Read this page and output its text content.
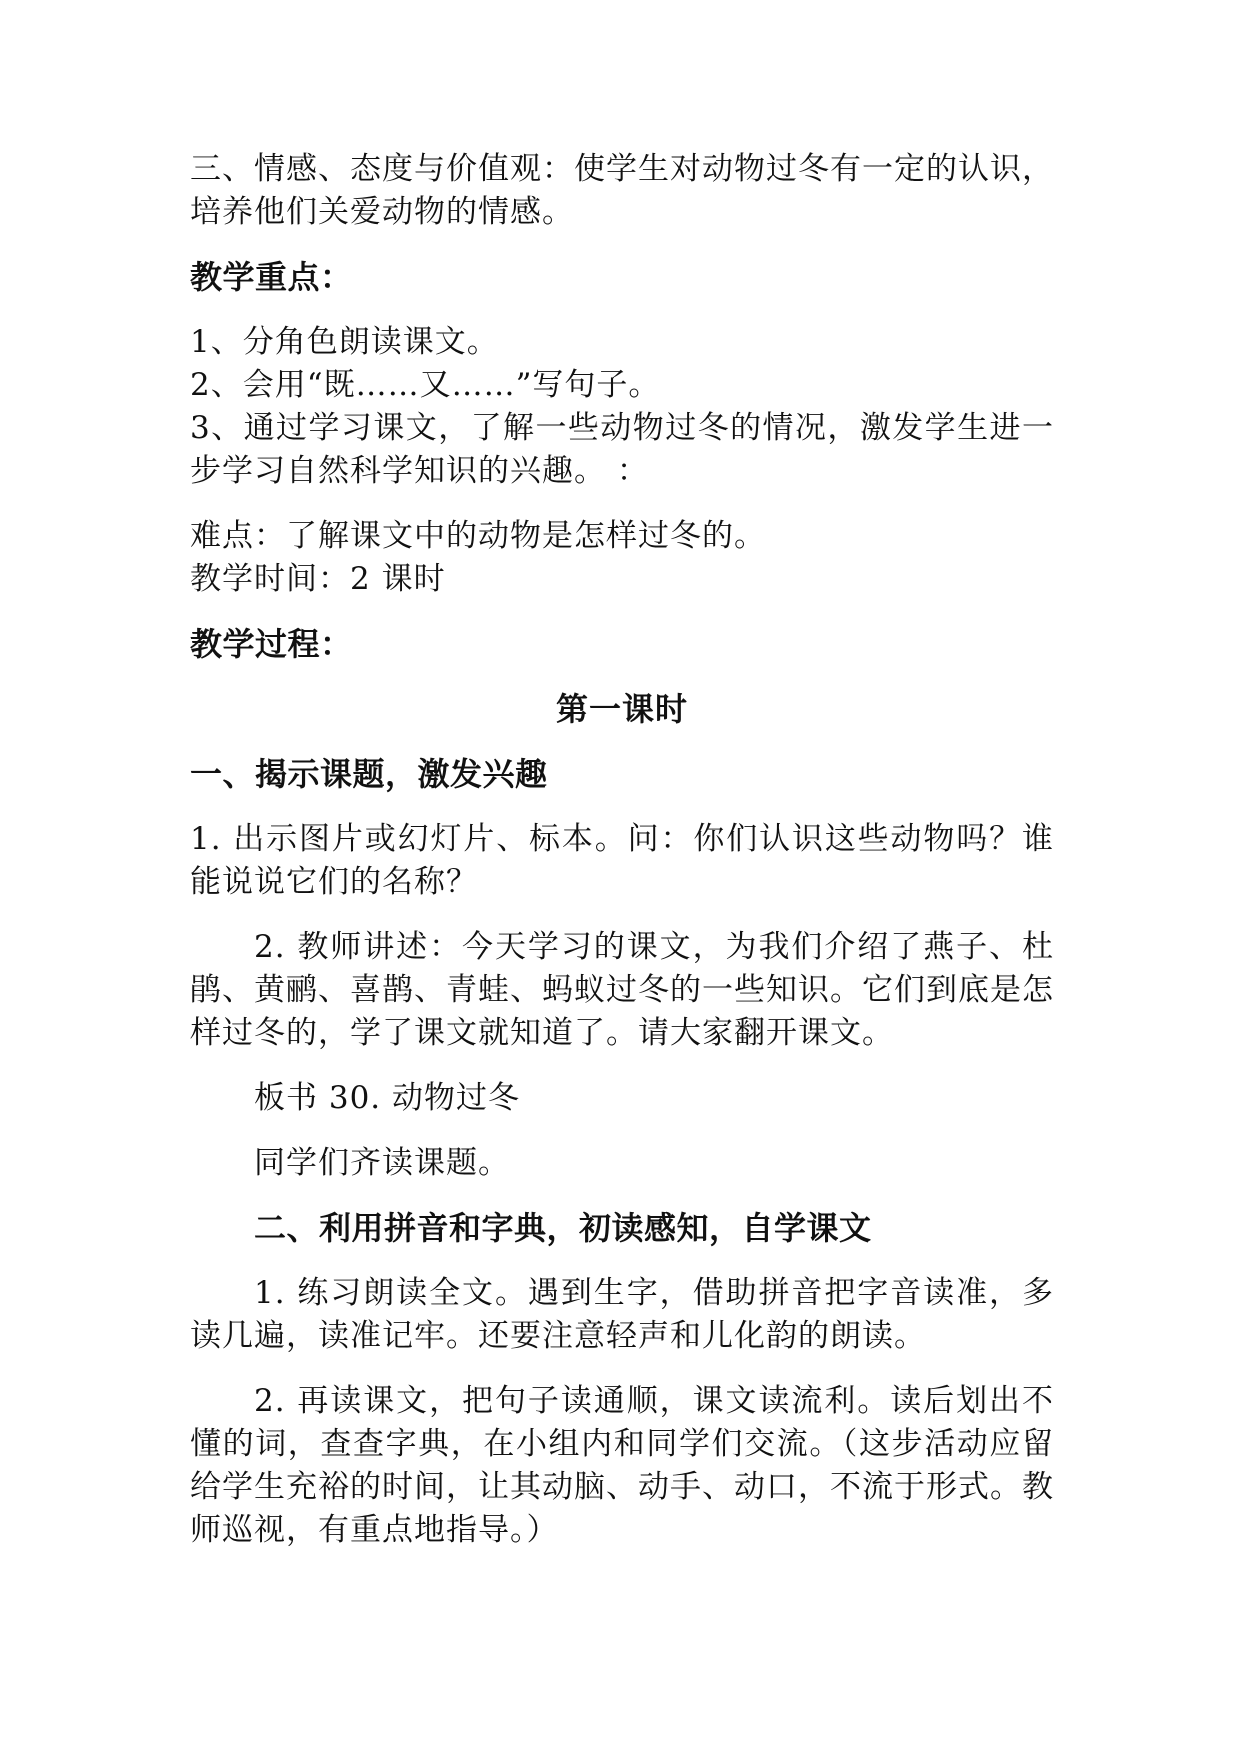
三、情感、态度与价值观：使学生对动物过冬有一定的认识，培养他们关爱动物的情感。

教学重点：

1、分角色朗读课文。

2、会用“既……又……”写句子。

3、通过学习课文，了解一些动物过冬的情况，激发学生进一步学习自然科学知识的兴趣。 ：

难点：了解课文中的动物是怎样过冬的。

教学时间：2 课时

教学过程：

第一课时

一、揭示课题，激发兴趣

1. 出示图片或幻灯片、标本。问：你们认识这些动物吗？谁能说说它们的名称？

2. 教师讲述：今天学习的课文，为我们介绍了燕子、杜鹃、黄鹂、喜鹊、青蛙、蚂蚁过冬的一些知识。它们到底是怎样过冬的，学了课文就知道了。请大家翻开课文。

板书 30. 动物过冬

同学们齐读课题。

二、利用拼音和字典，初读感知，自学课文

1. 练习朗读全文。遇到生字，借助拼音把字音读准，多读几遍，读准记牢。还要注意轻声和儿化韵的朗读。

2. 再读课文，把句子读通顺，课文读流利。读后划出不懂的词，查查字典，在小组内和同学们交流。（这步活动应留给学生充裕的时间，让其动脑、动手、动口，不流于形式。教师巡视，有重点地指导。）
